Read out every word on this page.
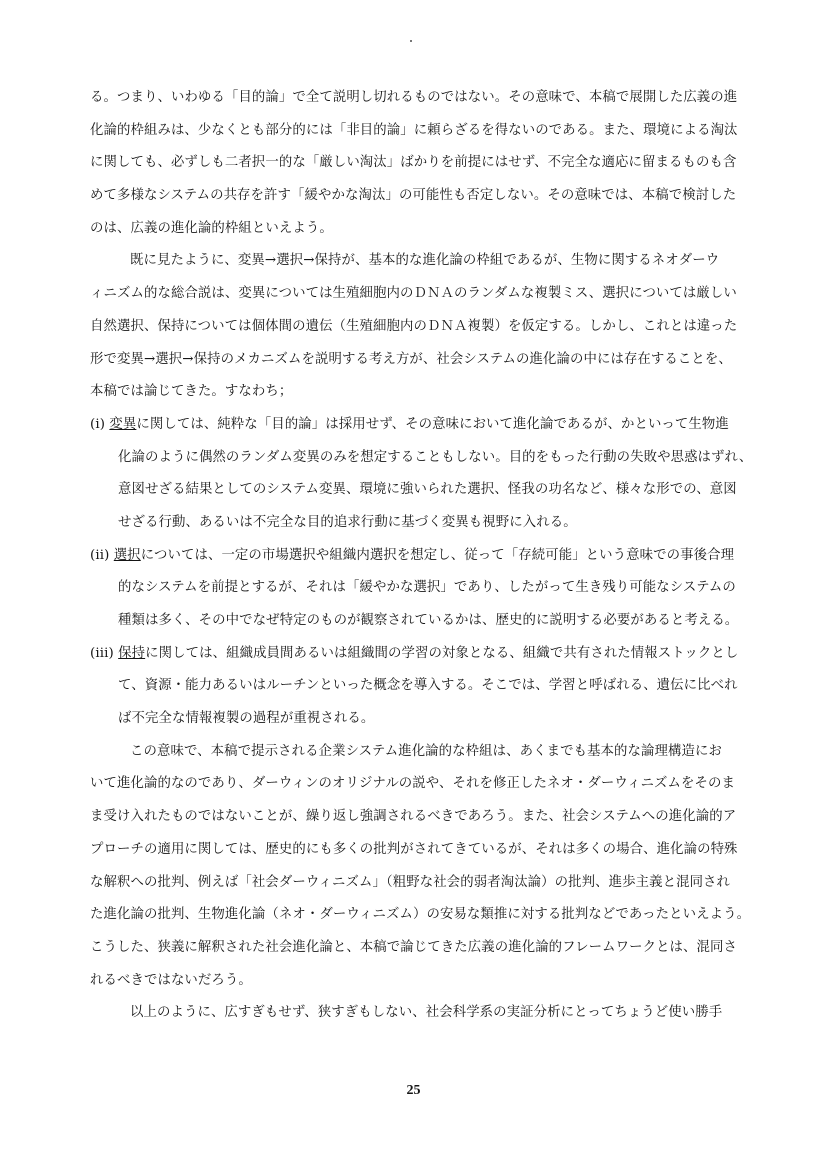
る。つまり、いわゆる「目的論」で全て説明し切れるものではない。その意味で、本稿で展開した広義の進
化論的枠組みは、少なくとも部分的には「非目的論」に頼らざるを得ないのである。また、環境による淘汰
に関しても、必ずしも二者択一的な「厳しい淘汰」ばかりを前提にはせず、不完全な適応に留まるものも含
めて多様なシステムの共存を許す「緩やかな淘汰」の可能性も否定しない。その意味では、本稿で検討した
のは、広義の進化論的枠組といえよう。
既に見たように、変異→選択→保持が、基本的な進化論の枠組であるが、生物に関するネオダーウ
ィニズム的な総合説は、変異については生殖細胞内のＤＮＡのランダムな複製ミス、選択については厳しい
自然選択、保持については個体間の遺伝（生殖細胞内のＤＮＡ複製）を仮定する。しかし、これとは違った
形で変異→選択→保持のメカニズムを説明する考え方が、社会システムの進化論の中には存在することを、
本稿では論じてきた。すなわち；
(i) 変異に関しては、純粋な「目的論」は採用せず、その意味において進化論であるが、かといって生物進
化論のように偶然のランダム変異のみを想定することもしない。目的をもった行動の失敗や思惑はずれ、
意図せざる結果としてのシステム変異、環境に強いられた選択、怪我の功名など、様々な形での、意図
せざる行動、あるいは不完全な目的追求行動に基づく変異も視野に入れる。
(ii) 選択については、一定の市場選択や組織内選択を想定し、従って「存続可能」という意味での事後合理
的なシステムを前提とするが、それは「緩やかな選択」であり、したがって生き残り可能なシステムの
種類は多く、その中でなぜ特定のものが観察されているかは、歴史的に説明する必要があると考える。
(iii) 保持に関しては、組織成員間あるいは組織間の学習の対象となる、組織で共有された情報ストックとし
て、資源・能力あるいはルーチンといった概念を導入する。そこでは、学習と呼ばれる、遺伝に比べれ
ば不完全な情報複製の過程が重視される。
この意味で、本稿で提示される企業システム進化論的な枠組は、あくまでも基本的な論理構造にお
いて進化論的なのであり、ダーウィンのオリジナルの説や、それを修正したネオ・ダーウィニズムをそのま
ま受け入れたものではないことが、繰り返し強調されるべきであろう。また、社会システムへの進化論的ア
プローチの適用に関しては、歴史的にも多くの批判がされてきているが、それは多くの場合、進化論の特殊
な解釈への批判、例えば「社会ダーウィニズム」（粗野な社会的弱者淘汰論）の批判、進歩主義と混同され
た進化論の批判、生物進化論（ネオ・ダーウィニズム）の安易な類推に対する批判などであったといえよう。
こうした、狭義に解釈された社会進化論と、本稿で論じてきた広義の進化論的フレームワークとは、混同さ
れるべきではないだろう。
以上のように、広すぎもせず、狭すぎもしない、社会科学系の実証分析にとってちょうど使い勝手
25
